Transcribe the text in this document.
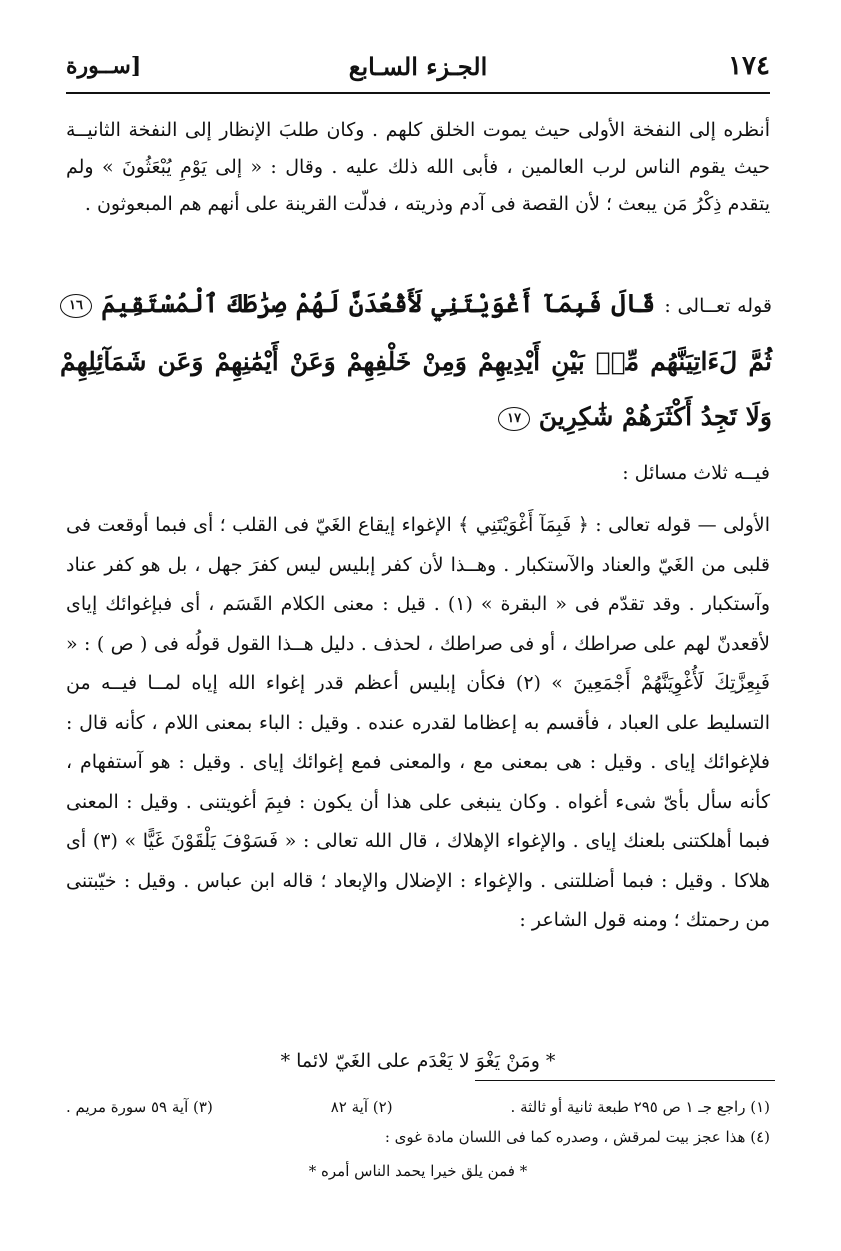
١٧٤
الجـزء السـابع
[ســورة

أنظره إلى النفخة الأولى حيث يموت الخلق كلهم . وكان طلبَ الإنظار إلى النفخة الثانيــة حيث يقوم الناس لرب العالمين ، فأبى الله ذلك عليه . وقال : « إلى يَوْمِ يُبْعَثُونَ » ولم يتقدم ذِكْرُ مَن يبعث ؛ لأن القصة فى آدم وذريته ، فدلّت القرينة على أنهم هم المبعوثون .

قوله تعــالى : قَالَ فَبِمَآ أَغْوَيْتَنِي لَأَقْعُدَنَّ لَهُمْ صِرَٰطَكَ ٱلْمُسْتَقِيمَ ١٦ ثُمَّ لَءَاتِيَنَّهُم مِّنۢ بَيْنِ أَيْدِيهِمْ وَمِنْ خَلْفِهِمْ وَعَنْ أَيْمَٰنِهِمْ وَعَن شَمَآئِلِهِمْ وَلَا تَجِدُ أَكْثَرَهُمْ شَٰكِرِينَ ١٧
فيــه ثلاث مسائل :

الأولى — قوله تعالى : ﴿ فَبِمَآ أَغْوَيْتَنِي ﴾ الإغواء إيقاع الغَيّ فى القلب ؛ أى فبما أوقعت فى قلبى من الغَيّ والعناد والآستكبار . وهــذا لأن كفر إبليس ليس كفرَ جهل ، بل هو كفر عناد وآستكبار . وقد تقدّم فى « البقرة » (١) . قيل : معنى الكلام القَسَم ، أى فبإغوائك إياى لأقعدنّ لهم على صراطك ، أو فى صراطك ، لحذف . دليل هــذا القول قولُه فى ( ص ) : « فَبِعِزَّتِكَ لَأُغْوِيَنَّهُمْ أَجْمَعِينَ » (٢) فكأن إبليس أعظم قدر إغواء الله إياه لمــا فيــه من التسليط على العباد ، فأقسم به إعظاما لقدره عنده . وقيل : الباء بمعنى اللام ، كأنه قال : فلإغوائك إياى . وقيل : هى بمعنى مع ، والمعنى فمع إغوائك إياى . وقيل : هو آستفهام ، كأنه سأل بأىّ شىء أغواه . وكان ينبغى على هذا أن يكون : فبِمَ أغويتنى . وقيل : المعنى فبما أهلكتنى بلعنك إياى . والإغواء الإهلاك ، قال الله تعالى : « فَسَوْفَ يَلْقَوْنَ غَيًّا » (٣) أى هلاكا . وقيل : فبما أضللتنى . والإغواء : الإضلال والإبعاد ؛ قاله ابن عباس . وقيل : خيّبتنى من رحمتك ؛ ومنه قول الشاعر :

* ومَنْ يَغْوَ لا يَعْدَم على الغَيّ لائما *
(١) راجع جـ ١ ص ٢٩٥ طبعة ثانية أو ثالثة .
(٢) آية ٨٢
(٣) آية ٥٩ سورة مريم .
(٤) هذا عجز بيت لمرقش ، وصدره كما فى اللسان مادة غوى :
* فمن يلق خيرا يحمد الناس أمره *
